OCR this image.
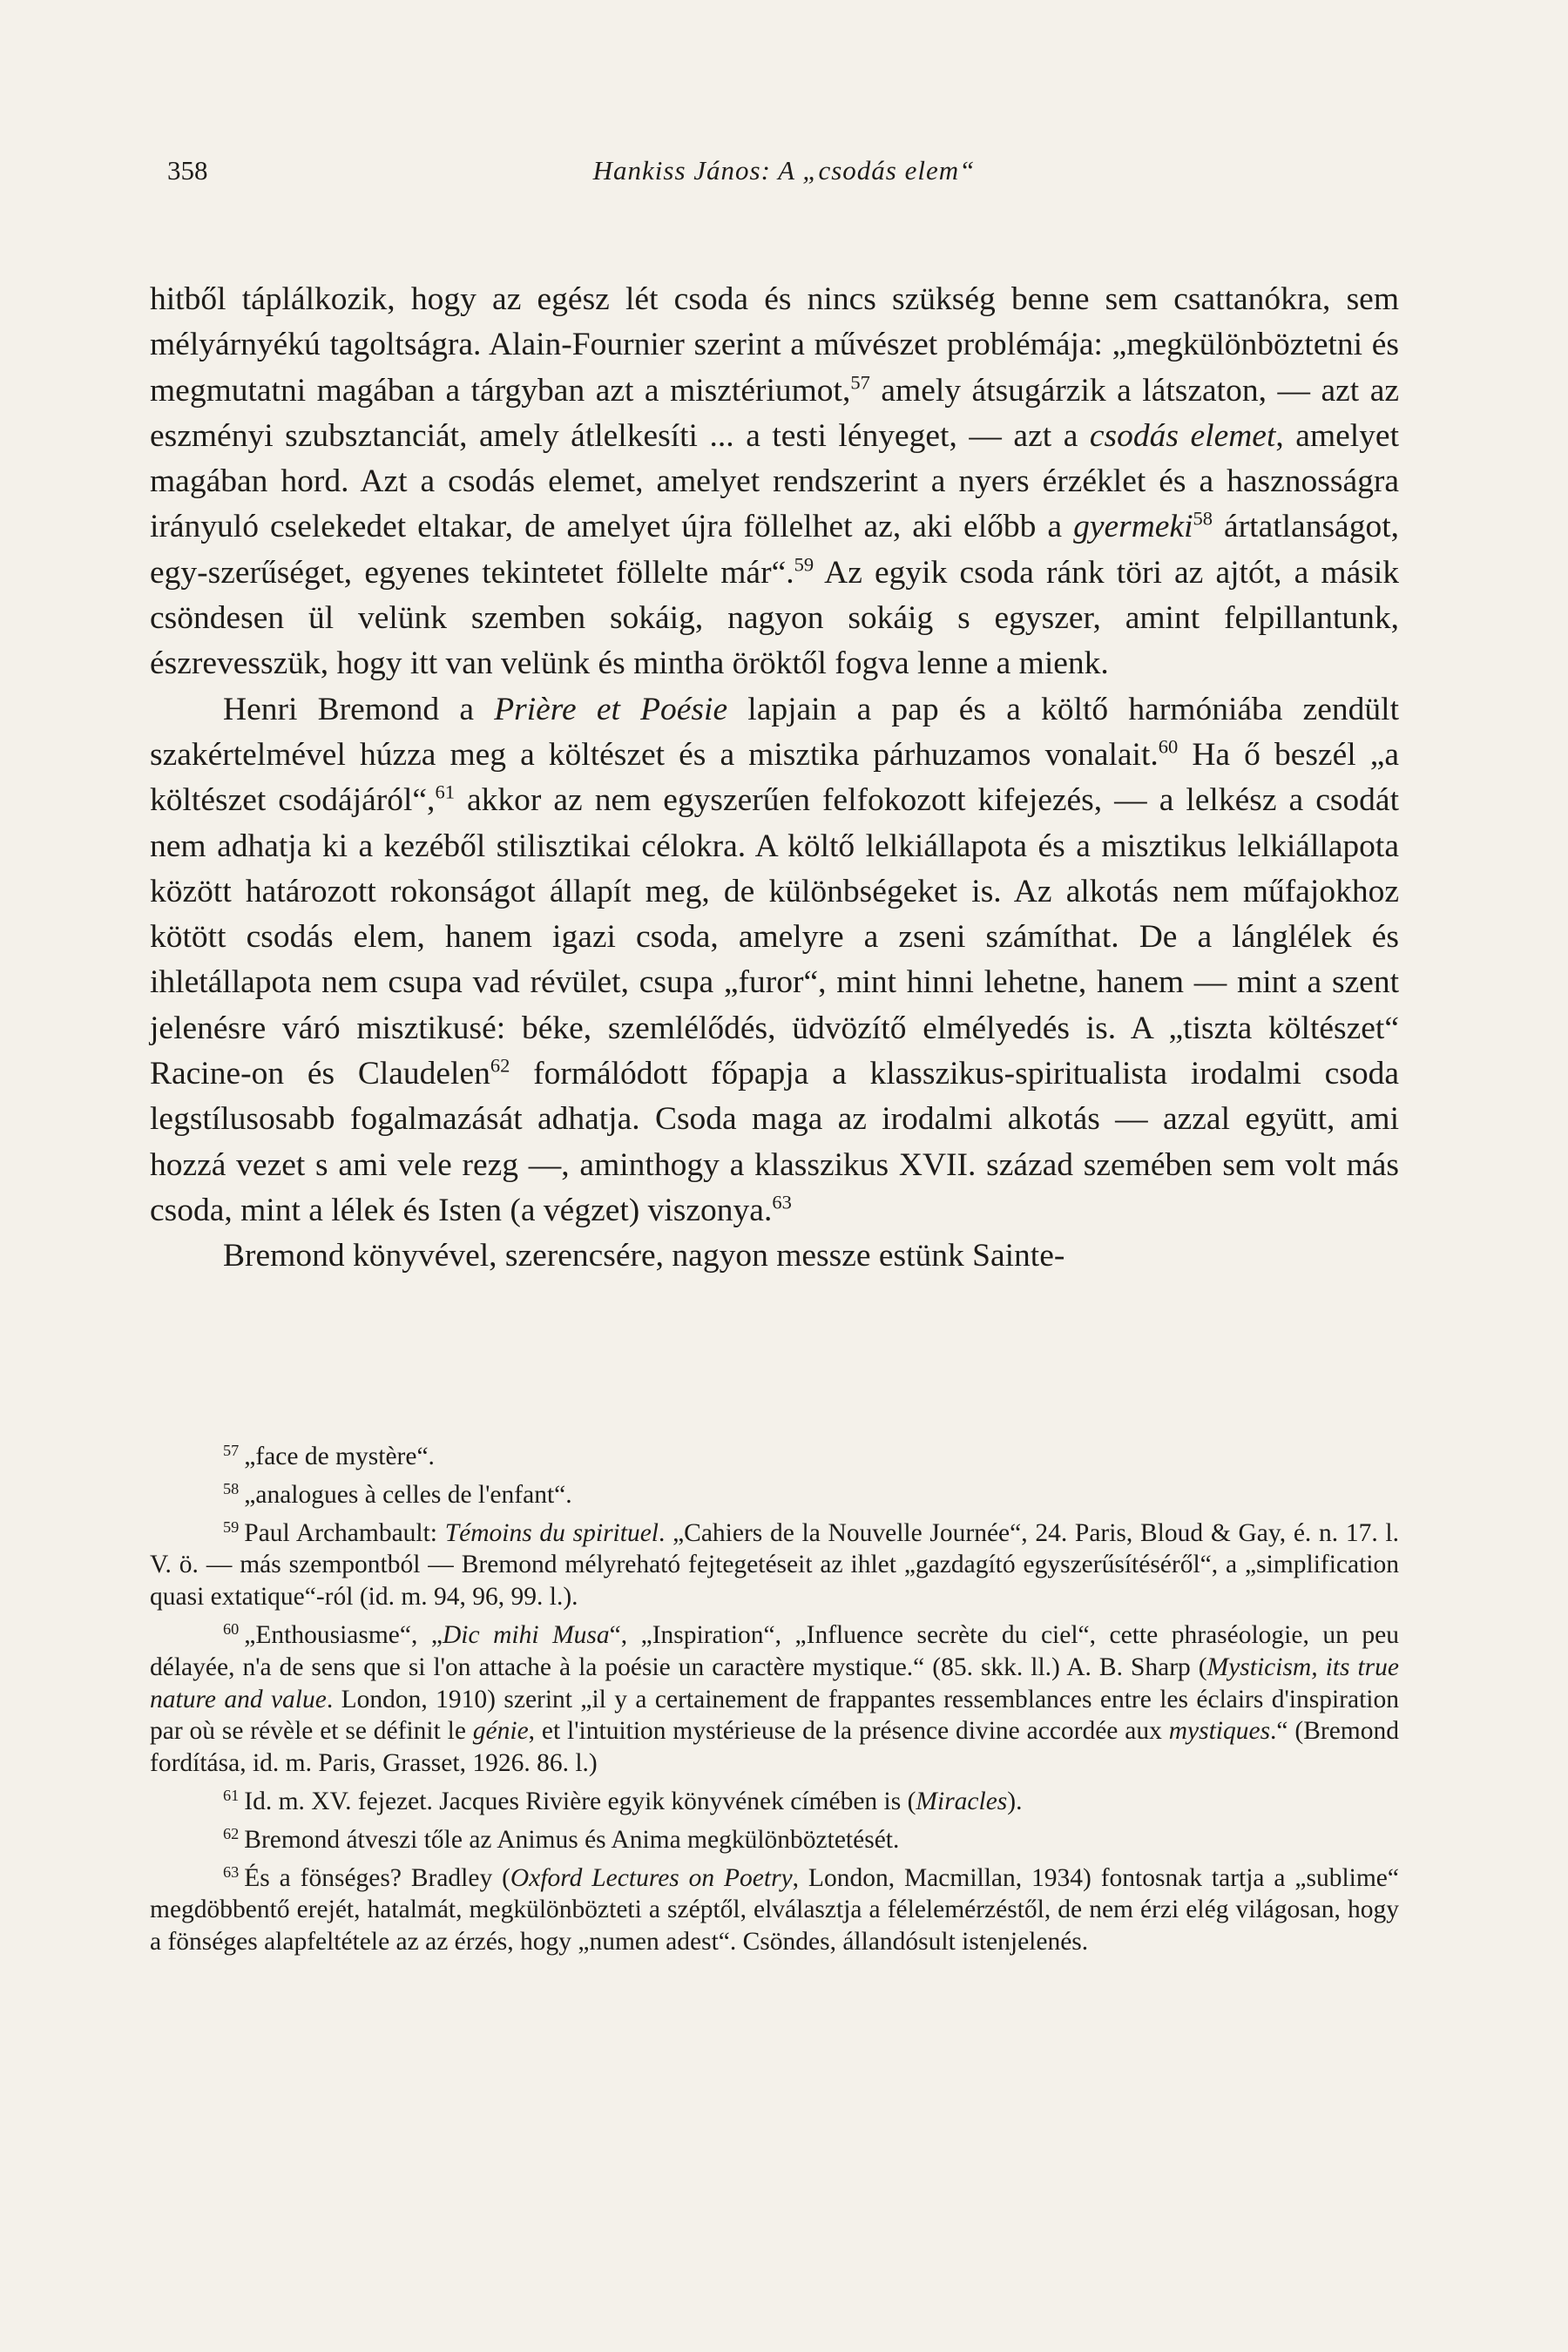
358	Hankiss János: A „csodás elem“

hitből táplálkozik, hogy az egész lét csoda és nincs szükség benne sem csattanókra, sem mélyárnyékú tagoltságra. Alain-Fournier szerint a művészet problémája: „megkülönböztetni és megmutatni magában a tárgyban azt a misztériumot,$^{57}$ amely átsugárzik a látszaton, — azt az eszményi szubsztanciát, amely átlelkesíti ... a testi lényeget, — azt a csodás elemet, amelyet magában hord. Azt a csodás elemet, amelyet rendszerint a nyers érzéklet és a hasznosságra irányuló cselekedet eltakar, de amelyet újra föllelhet az, aki előbb a gyermeki$^{58}$ ártatlanságot, egy-szerűséget, egyenes tekintetet föllelte már“.$^{59}$ Az egyik csoda ránk töri az ajtót, a másik csöndesen ül velünk szemben sokáig, nagyon sokáig s egyszer, amint felpillantunk, észrevesszük, hogy itt van velünk és mintha öröktől fogva lenne a mienk.

Henri Bremond a Prière et Poésie lapjain a pap és a költő harmóniába zendült szakértelmével húzza meg a költészet és a misztika párhuzamos vonalait.$^{60}$ Ha ő beszél „a költészet csodájáról“,$^{61}$ akkor az nem egyszerűen felfokozott kifejezés, — a lelkész a csodát nem adhatja ki a kezéből stilisztikai célokra. A költő lelkiállapota és a misztikus lelkiállapota között határozott rokonságot állapít meg, de különbségeket is. Az alkotás nem műfajokhoz kötött csodás elem, hanem igazi csoda, amelyre a zseni számíthat. De a lánglélek és ihletállapota nem csupa vad révület, csupa „furor“, mint hinni lehetne, hanem — mint a szent jelenésre váró misztikusé: béke, szemlélődés, üdvözítő elmélyedés is. A „tiszta költészet“ Racine-on és Claudelen$^{62}$ formálódott főpapja a klasszikus-spiritualista irodalmi csoda legstílusosabb fogalmazását adhatja. Csoda maga az irodalmi alkotás — azzal együtt, ami hozzá vezet s ami vele rezg —, aminthogy a klasszikus XVII. század szemében sem volt más csoda, mint a lélek és Isten (a végzet) viszonya.$^{63}$

Bremond könyvével, szerencsére, nagyon messze estünk Sainte-

$^{57}$ „face de mystère“.

$^{58}$ „analogues à celles de l'enfant“.

$^{59}$ Paul Archambault: Témoins du spirituel. „Cahiers de la Nouvelle Journée“, 24. Paris, Bloud & Gay, é. n. 17. l. V. ö. — más szempontból — Bremond mélyreható fejtegetéseit az ihlet „gazdagító egyszerűsítéséről“, a „simplification quasi extatique“-ról (id. m. 94, 96, 99. l.).

$^{60}$ „Enthousiasme“, „Dic mihi Musa“, „Inspiration“, „Influence secrète du ciel“, cette phraséologie, un peu délayée, n'a de sens que si l'on attache à la poésie un caractère mystique.“ (85. skk. ll.) A. B. Sharp (Mysticism, its true nature and value. London, 1910) szerint „il y a certainement de frappantes ressemblances entre les éclairs d'inspiration par où se révèle et se définit le génie, et l'intuition mystérieuse de la présence divine accordée aux mystiques.“ (Bremond fordítása, id. m. Paris, Grasset, 1926. 86. l.)

$^{61}$ Id. m. XV. fejezet. Jacques Rivière egyik könyvének címében is (Miracles).

$^{62}$ Bremond átveszi tőle az Animus és Anima megkülönböztetését.

$^{63}$ És a fönséges? Bradley (Oxford Lectures on Poetry, London, Macmillan, 1934) fontosnak tartja a „sublime“ megdöbbentő erejét, hatalmát, megkülönbözteti a széptől, elválasztja a félelemérzéstől, de nem érzi elég világosan, hogy a fönséges alapfeltétele az az érzés, hogy „numen adest“. Csöndes, állandósult istenjelenés.
